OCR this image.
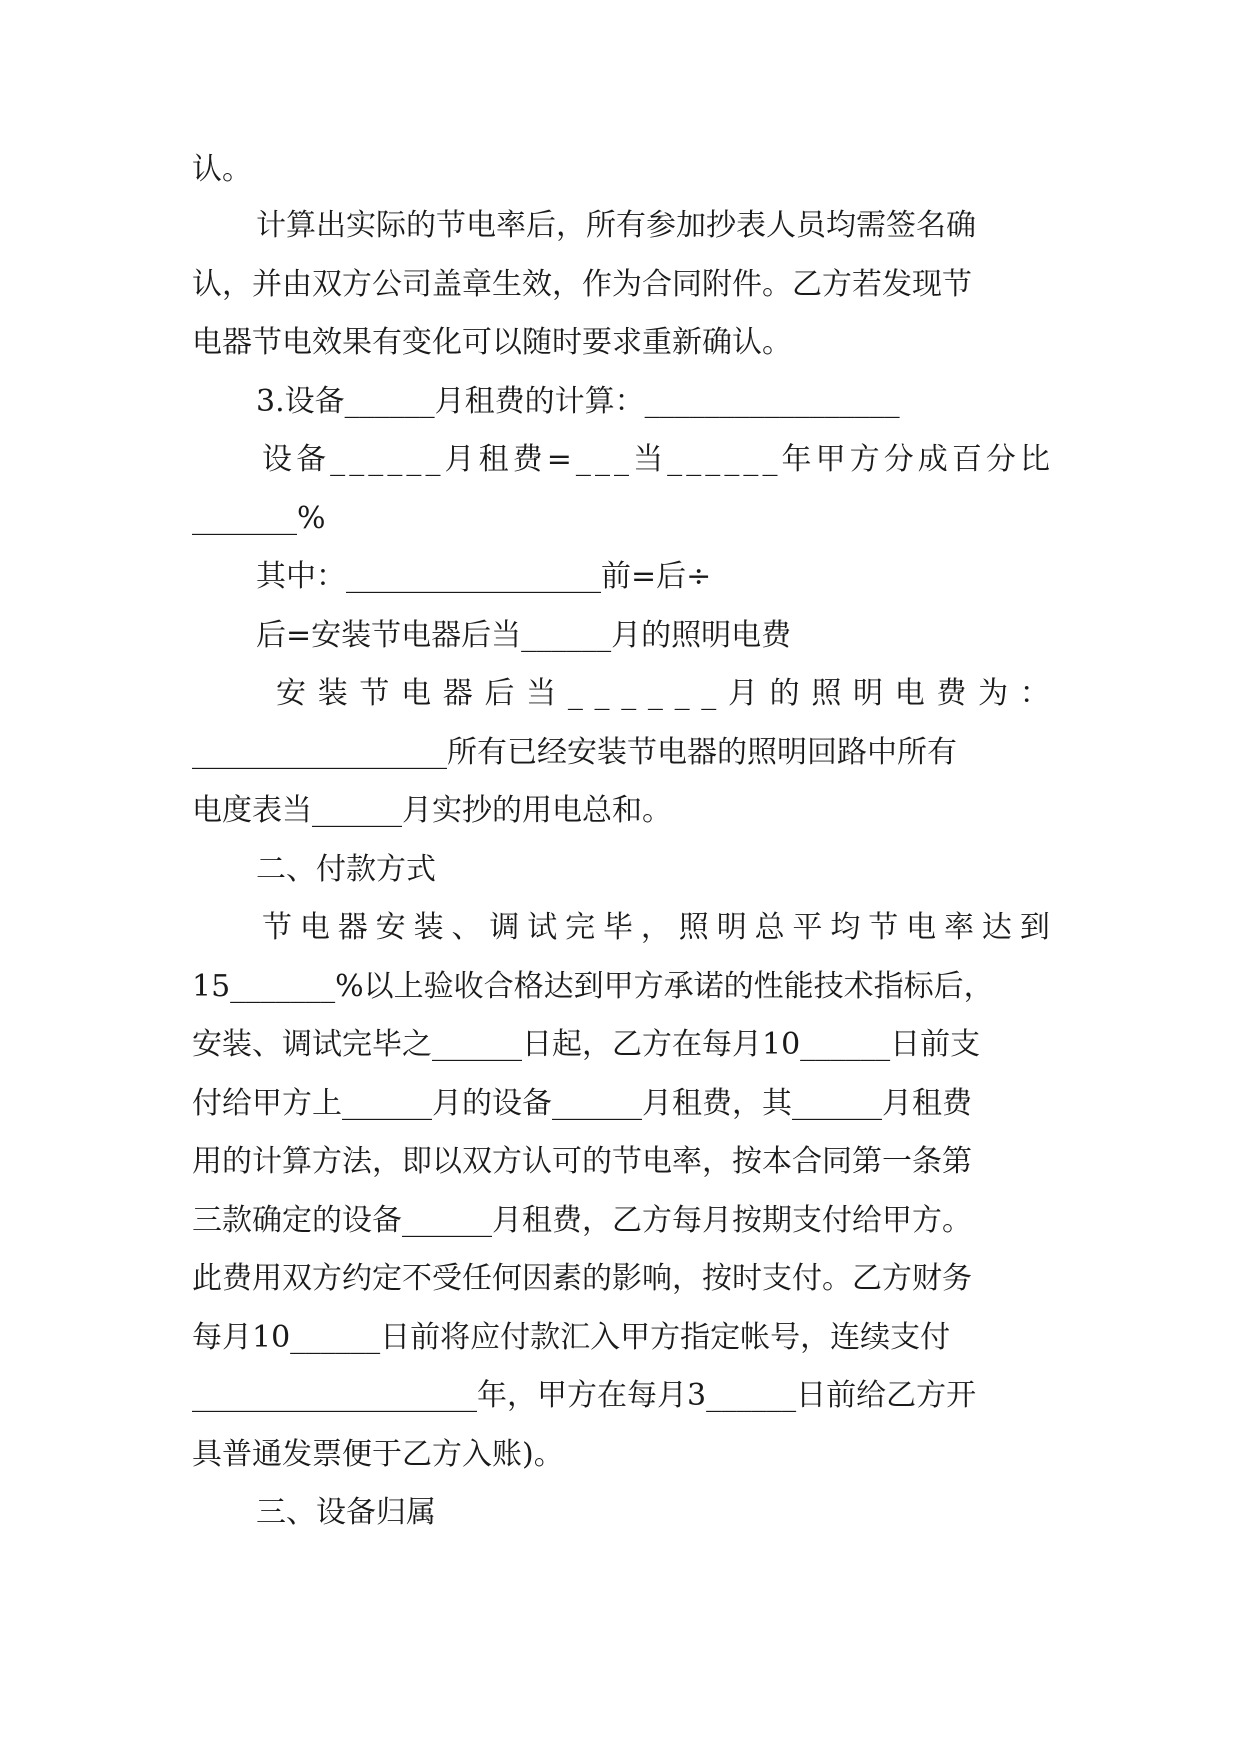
认。
计算出实际的节电率后，所有参加抄表人员均需签名确
认，并由双方公司盖章生效，作为合同附件。乙方若发现节
电器节电效果有变化可以随时要求重新确认。
3.设备______月租费的计算：_________________
设 备 _ _ _ _ _ _ 月 租 费 = _ _ _ 当 _ _ _ _ _ _ 年 甲 方 分 成 百 分 比
_______%
其中：_________________前=后÷
后=安装节电器后当______月的照明电费
安 装 节 电 器 后 当 _ _ _ _ _ _ 月 的 照 明 电 费 为 ：
_________________所有已经安装节电器的照明回路中所有
电度表当______月实抄的用电总和。
二、付款方式
节 电 器 安 装 、 调 试 完 毕 ， 照 明 总 平 均 节 电 率 达 到
15_______%以上验收合格达到甲方承诺的性能技术指标后，
安装、调试完毕之______日起，乙方在每月10______日前支
付给甲方上______月的设备______月租费，其______月租费
用的计算方法，即以双方认可的节电率，按本合同第一条第
三款确定的设备______月租费，乙方每月按期支付给甲方。
此费用双方约定不受任何因素的影响，按时支付。乙方财务
每月10______日前将应付款汇入甲方指定帐号，连续支付
___________________年，甲方在每月3______日前给乙方开
具普通发票便于乙方入账)。
三、设备归属
